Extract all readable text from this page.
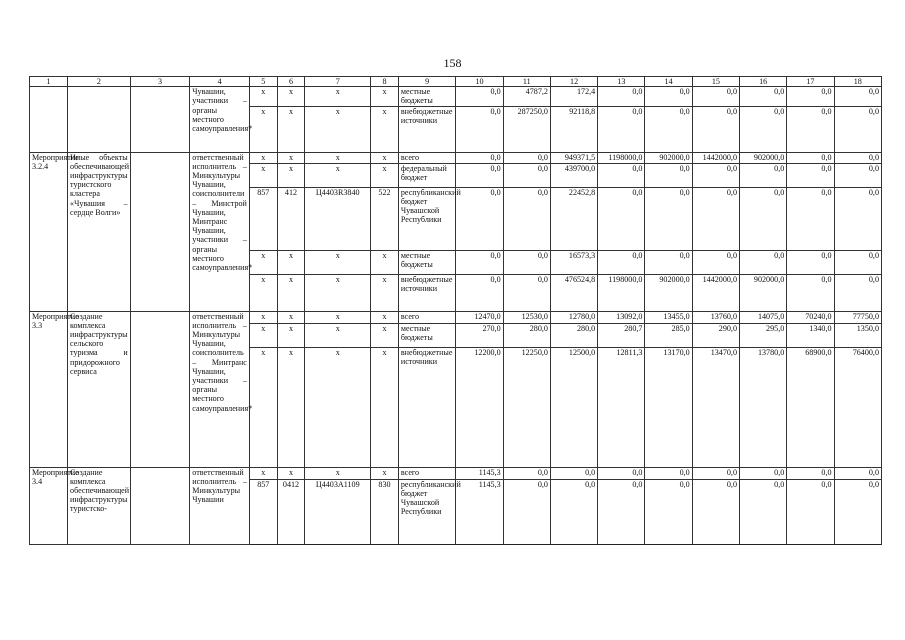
158
1	2	3	4	5	6	7	8	9	10	11	12	13	14	15	16	17	18
			Чувашии, участники – органы местного самоуправления*	x	x	x	x	местные бюджеты	0,0	4787,2	172,4	0,0	0,0	0,0	0,0	0,0	0,0
				x	x	x	x	внебюджетные источники	0,0	287250,0	92118,8	0,0	0,0	0,0	0,0	0,0	0,0
Мероприятие 3.2.4	Иные объекты обеспечивающей инфраструктуры туристского кластера «Чувашия – сердце Волги»		ответственный исполнитель – Минкультуры Чувашии, соисполнители – Минстрой Чувашии, Минтранс Чувашии, участники – органы местного самоуправления*	x	x	x	x	всего	0,0	0,0	949371,5	1198000,0	902000,0	1442000,0	902000,0	0,0	0,0
				x	x	x	x	федеральный бюджет	0,0	0,0	439700,0	0,0	0,0	0,0	0,0	0,0	0,0
				857	412	Ц4403R3840	522	республиканский бюджет Чувашской Республики	0,0	0,0	22452,8	0,0	0,0	0,0	0,0	0,0	0,0
				x	x	x	x	местные бюджеты	0,0	0,0	16573,3	0,0	0,0	0,0	0,0	0,0	0,0
				x	x	x	x	внебюджетные источники	0,0	0,0	476524,8	1198000,0	902000,0	1442000,0	902000,0	0,0	0,0
Мероприятие 3.3	Создание комплекса инфраструктуры сельского туризма и придорожного сервиса		ответственный исполнитель – Минкультуры Чувашии, соисполнитель – Минтранс Чувашии, участники – органы местного самоуправления*	x	x	x	x	всего	12470,0	12530,0	12780,0	13092,0	13455,0	13760,0	14075,0	70240,0	77750,0
				x	x	x	x	местные бюджеты	270,0	280,0	280,0	280,7	285,0	290,0	295,0	1340,0	1350,0
				x	x	x	x	внебюджетные источники	12200,0	12250,0	12500,0	12811,3	13170,0	13470,0	13780,0	68900,0	76400,0
Мероприятие 3.4	Создание комплекса обеспечивающей инфраструктуры туристско-		ответственный исполнитель – Минкультуры Чувашии	x	x	x	x	всего	1145,3	0,0	0,0	0,0	0,0	0,0	0,0	0,0	0,0
				857	0412	Ц4403А1109	830	республиканский бюджет Чувашской Республики	1145,3	0,0	0,0	0,0	0,0	0,0	0,0	0,0	0,0
